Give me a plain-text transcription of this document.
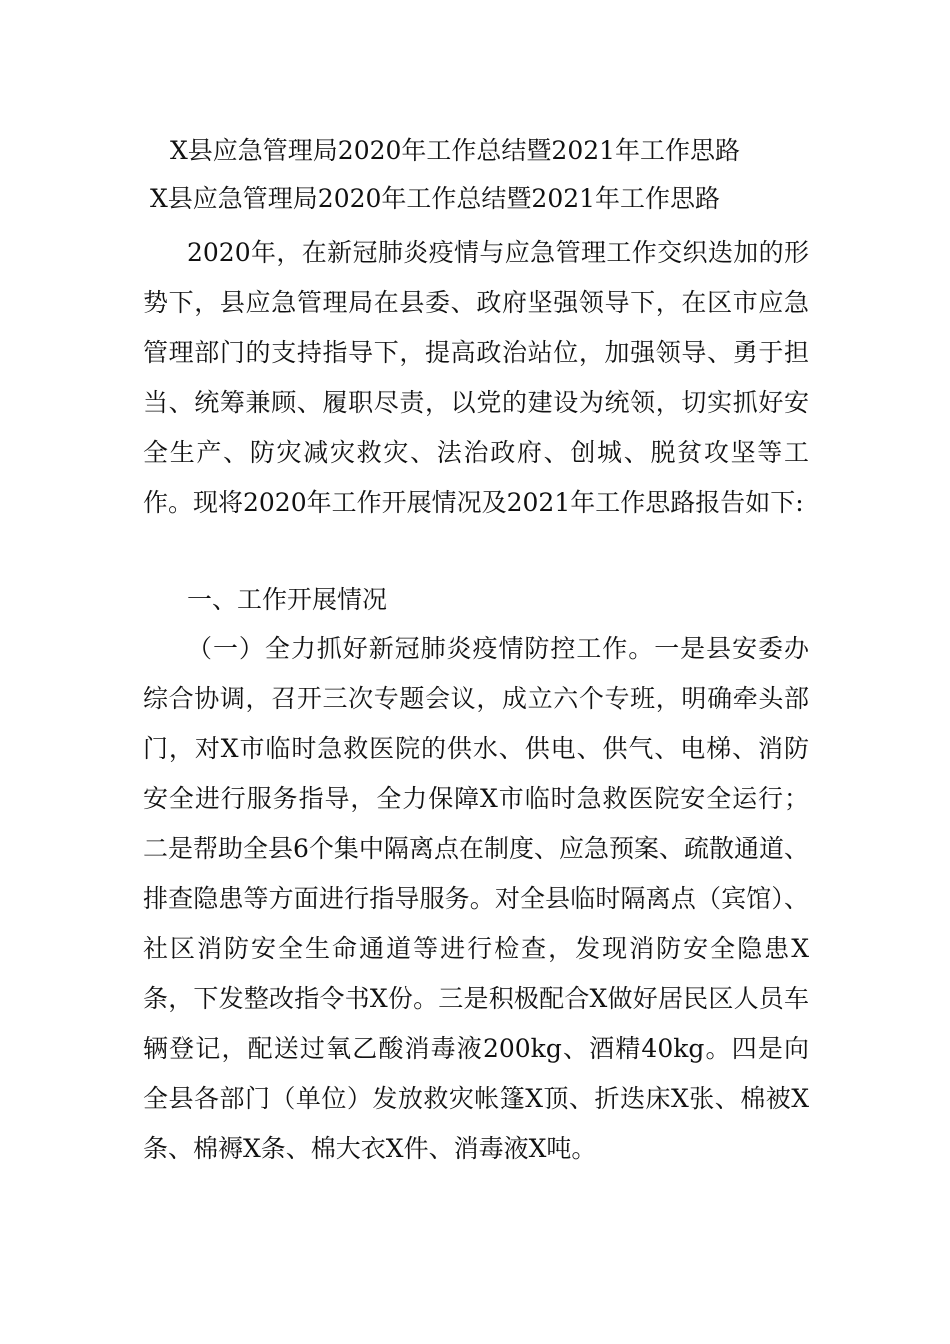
X县应急管理局2020年工作总结暨2021年工作思路
X县应急管理局2020年工作总结暨2021年工作思路

2020年，在新冠肺炎疫情与应急管理工作交织迭加的形势下，县应急管理局在县委、政府坚强领导下，在区市应急管理部门的支持指导下，提高政治站位，加强领导、勇于担当、统筹兼顾、履职尽责，以党的建设为统领，切实抓好安全生产、防灾减灾救灾、法治政府、创城、脱贫攻坚等工作。现将2020年工作开展情况及2021年工作思路报告如下:

一、工作开展情况

（一）全力抓好新冠肺炎疫情防控工作。一是县安委办综合协调，召开三次专题会议，成立六个专班，明确牵头部门，对X市临时急救医院的供水、供电、供气、电梯、消防安全进行服务指导，全力保障X市临时急救医院安全运行；二是帮助全县6个集中隔离点在制度、应急预案、疏散通道、排查隐患等方面进行指导服务。对全县临时隔离点（宾馆）、社区消防安全生命通道等进行检查，发现消防安全隐患X条，下发整改指令书X份。三是积极配合X做好居民区人员车辆登记，配送过氧乙酸消毒液200kg、酒精40kg。四是向全县各部门（单位）发放救灾帐篷X顶、折迭床X张、棉被X条、棉褥X条、棉大衣X件、消毒液X吨。
